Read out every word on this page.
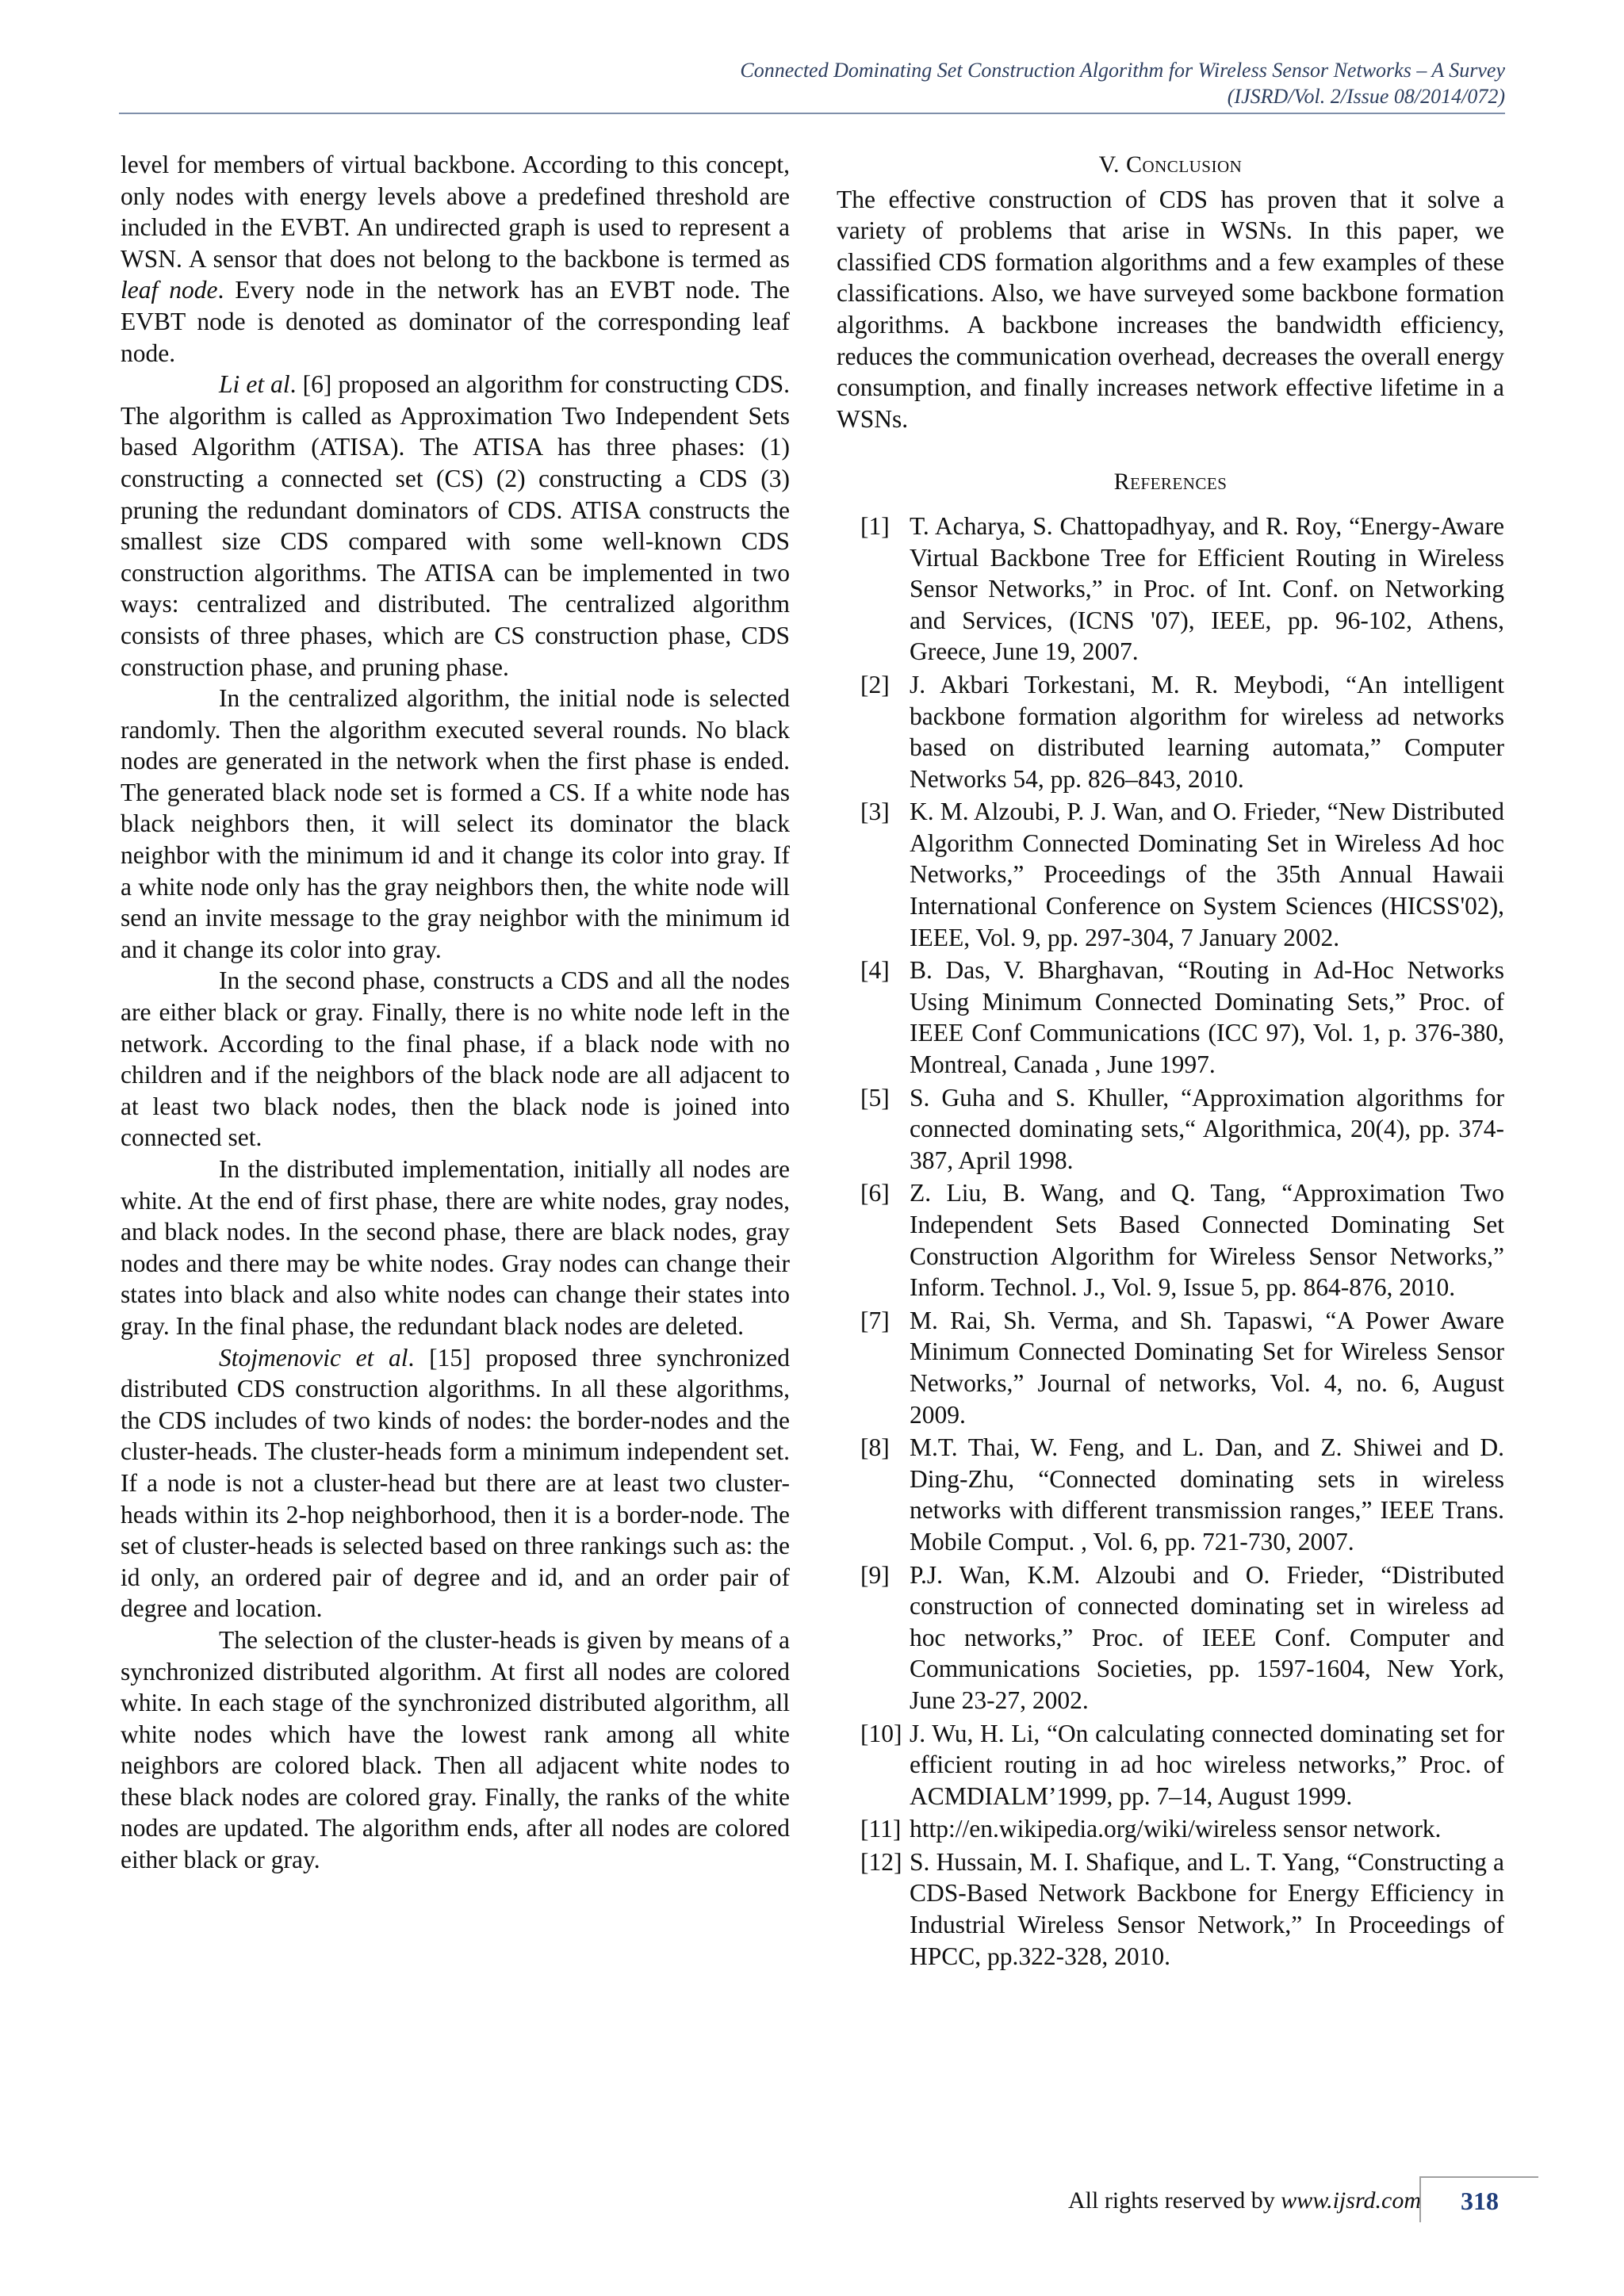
Connected Dominating Set Construction Algorithm for Wireless Sensor Networks – A Survey
(IJSRD/Vol. 2/Issue 08/2014/072)

level for members of virtual backbone. According to this concept, only nodes with energy levels above a predefined threshold are included in the EVBT. An undirected graph is used to represent a WSN. A sensor that does not belong to the backbone is termed as leaf node. Every node in the network has an EVBT node. The EVBT node is denoted as dominator of the corresponding leaf node.

Li et al. [6] proposed an algorithm for constructing CDS. The algorithm is called as Approximation Two Independent Sets based Algorithm (ATISA). The ATISA has three phases: (1) constructing a connected set (CS) (2) constructing a CDS (3) pruning the redundant dominators of CDS. ATISA constructs the smallest size CDS compared with some well-known CDS construction algorithms. The ATISA can be implemented in two ways: centralized and distributed. The centralized algorithm consists of three phases, which are CS construction phase, CDS construction phase, and pruning phase.

In the centralized algorithm, the initial node is selected randomly. Then the algorithm executed several rounds. No black nodes are generated in the network when the first phase is ended. The generated black node set is formed a CS. If a white node has black neighbors then, it will select its dominator the black neighbor with the minimum id and it change its color into gray. If a white node only has the gray neighbors then, the white node will send an invite message to the gray neighbor with the minimum id and it change its color into gray.

In the second phase, constructs a CDS and all the nodes are either black or gray. Finally, there is no white node left in the network. According to the final phase, if a black node with no children and if the neighbors of the black node are all adjacent to at least two black nodes, then the black node is joined into connected set.

In the distributed implementation, initially all nodes are white. At the end of first phase, there are white nodes, gray nodes, and black nodes. In the second phase, there are black nodes, gray nodes and there may be white nodes. Gray nodes can change their states into black and also white nodes can change their states into gray. In the final phase, the redundant black nodes are deleted.

Stojmenovic et al. [15] proposed three synchronized distributed CDS construction algorithms. In all these algorithms, the CDS includes of two kinds of nodes: the border-nodes and the cluster-heads. The cluster-heads form a minimum independent set. If a node is not a cluster-head but there are at least two cluster-heads within its 2-hop neighborhood, then it is a border-node. The set of cluster-heads is selected based on three rankings such as: the id only, an ordered pair of degree and id, and an order pair of degree and location.

The selection of the cluster-heads is given by means of a synchronized distributed algorithm. At first all nodes are colored white. In each stage of the synchronized distributed algorithm, all white nodes which have the lowest rank among all white neighbors are colored black. Then all adjacent white nodes to these black nodes are colored gray. Finally, the ranks of the white nodes are updated. The algorithm ends, after all nodes are colored either black or gray.

V. Conclusion

The effective construction of CDS has proven that it solve a variety of problems that arise in WSNs. In this paper, we classified CDS formation algorithms and a few examples of these classifications. Also, we have surveyed some backbone formation algorithms. A backbone increases the bandwidth efficiency, reduces the communication overhead, decreases the overall energy consumption, and finally increases network effective lifetime in a WSNs.

References
[1] T. Acharya, S. Chattopadhyay, and R. Roy, “Energy-Aware Virtual Backbone Tree for Efficient Routing in Wireless Sensor Networks,” in Proc. of Int. Conf. on Networking and Services, (ICNS '07), IEEE, pp. 96-102, Athens, Greece, June 19, 2007.
[2] J. Akbari Torkestani, M. R. Meybodi, “An intelligent backbone formation algorithm for wireless ad networks based on distributed learning automata,” Computer Networks 54, pp. 826–843, 2010.
[3] K. M. Alzoubi, P. J. Wan, and O. Frieder, “New Distributed Algorithm Connected Dominating Set in Wireless Ad hoc Networks,” Proceedings of the 35th Annual Hawaii International Conference on System Sciences (HICSS'02), IEEE, Vol. 9, pp. 297-304, 7 January 2002.
[4] B. Das, V. Bharghavan, “Routing in Ad-Hoc Networks Using Minimum Connected Dominating Sets,” Proc. of IEEE Conf Communications (ICC 97), Vol. 1, p. 376-380, Montreal, Canada , June 1997.
[5] S. Guha and S. Khuller, “Approximation algorithms for connected dominating sets,“ Algorithmica, 20(4), pp. 374-387, April 1998.
[6] Z. Liu, B. Wang, and Q. Tang, “Approximation Two Independent Sets Based Connected Dominating Set Construction Algorithm for Wireless Sensor Networks,” Inform. Technol. J., Vol. 9, Issue 5, pp. 864-876, 2010.
[7] M. Rai, Sh. Verma, and Sh. Tapaswi, “A Power Aware Minimum Connected Dominating Set for Wireless Sensor Networks,” Journal of networks, Vol. 4, no. 6, August 2009.
[8] M.T. Thai, W. Feng, and L. Dan, and Z. Shiwei and D. Ding-Zhu, “Connected dominating sets in wireless networks with different transmission ranges,” IEEE Trans. Mobile Comput. , Vol. 6, pp. 721-730, 2007.
[9] P.J. Wan, K.M. Alzoubi and O. Frieder, “Distributed construction of connected dominating set in wireless ad hoc networks,” Proc. of IEEE Conf. Computer and Communications Societies, pp. 1597-1604, New York, June 23-27, 2002.
[10] J. Wu, H. Li, “On calculating connected dominating set for efficient routing in ad hoc wireless networks,” Proc. of ACMDIALM’1999, pp. 7–14, August 1999.
[11] http://en.wikipedia.org/wiki/wireless sensor network.
[12] S. Hussain, M. I. Shafique, and L. T. Yang, “Constructing a CDS-Based Network Backbone for Energy Efficiency in Industrial Wireless Sensor Network,” In Proceedings of HPCC, pp.322-328, 2010.
All rights reserved by www.ijsrd.com	318
